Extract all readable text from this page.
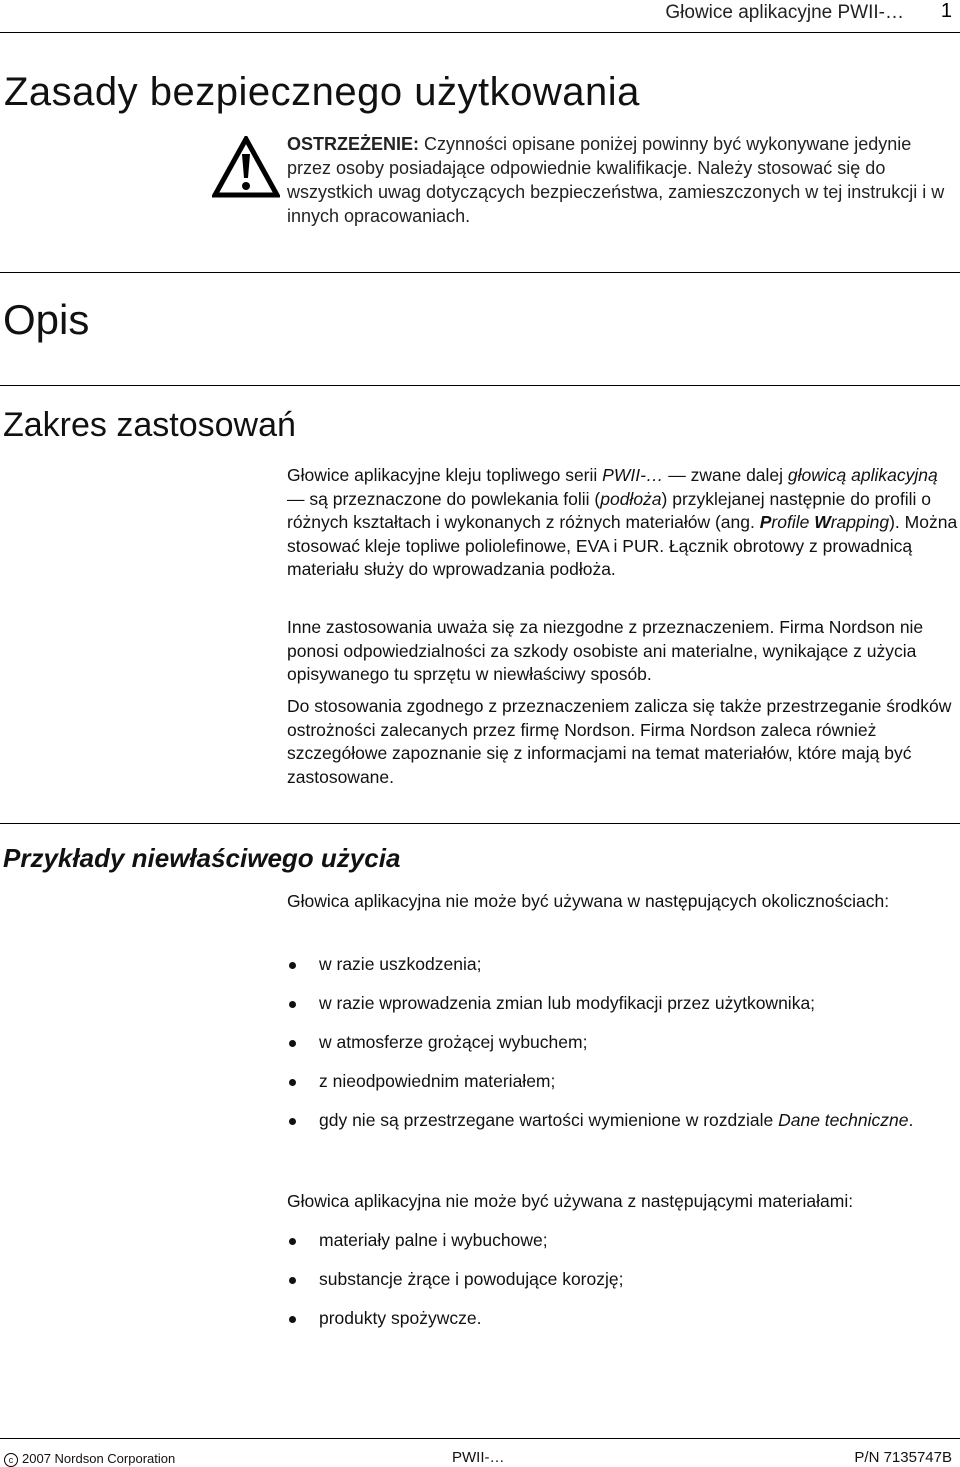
Głowice aplikacyjne PWII-… 1
Zasady bezpiecznego użytkowania
OSTRZEŻENIE: Czynności opisane poniżej powinny być wykonywane jedynie przez osoby posiadające odpowiednie kwalifikacje. Należy stosować się do wszystkich uwag dotyczących bezpieczeństwa, zamieszczonych w tej instrukcji i w innych opracowaniach.
Opis
Zakres zastosowań

Głowice aplikacyjne kleju topliwego serii PWII-… — zwane dalej głowicą aplikacyjną — są przeznaczone do powlekania folii (podłoża) przyklejanej następnie do profili o różnych kształtach i wykonanych z różnych materiałów (ang. Profile Wrapping). Można stosować kleje topliwe poliolefinowe, EVA i PUR. Łącznik obrotowy z prowadnicą materiału służy do wprowadzania podłoża.

Inne zastosowania uważa się za niezgodne z przeznaczeniem. Firma Nordson nie ponosi odpowiedzialności za szkody osobiste ani materialne, wynikające z użycia opisywanego tu sprzętu w niewłaściwy sposób.

Do stosowania zgodnego z przeznaczeniem zalicza się także przestrzeganie środków ostrożności zalecanych przez firmę Nordson. Firma Nordson zaleca również szczegółowe zapoznanie się z informacjami na temat materiałów, które mają być zastosowane.

Przykłady niewłaściwego użycia

Głowica aplikacyjna nie może być używana w następujących okolicznościach:

w razie uszkodzenia;
w razie wprowadzenia zmian lub modyfikacji przez użytkownika;
w atmosferze grożącej wybuchem;
z nieodpowiednim materiałem;
gdy nie są przestrzegane wartości wymienione w rozdziale Dane techniczne.

Głowica aplikacyjna nie może być używana z następującymi materiałami:

materiały palne i wybuchowe;
substancje żrące i powodujące korozję;
produkty spożywcze.
c 2007 Nordson Corporation	PWII-…	P/N 7135747B
